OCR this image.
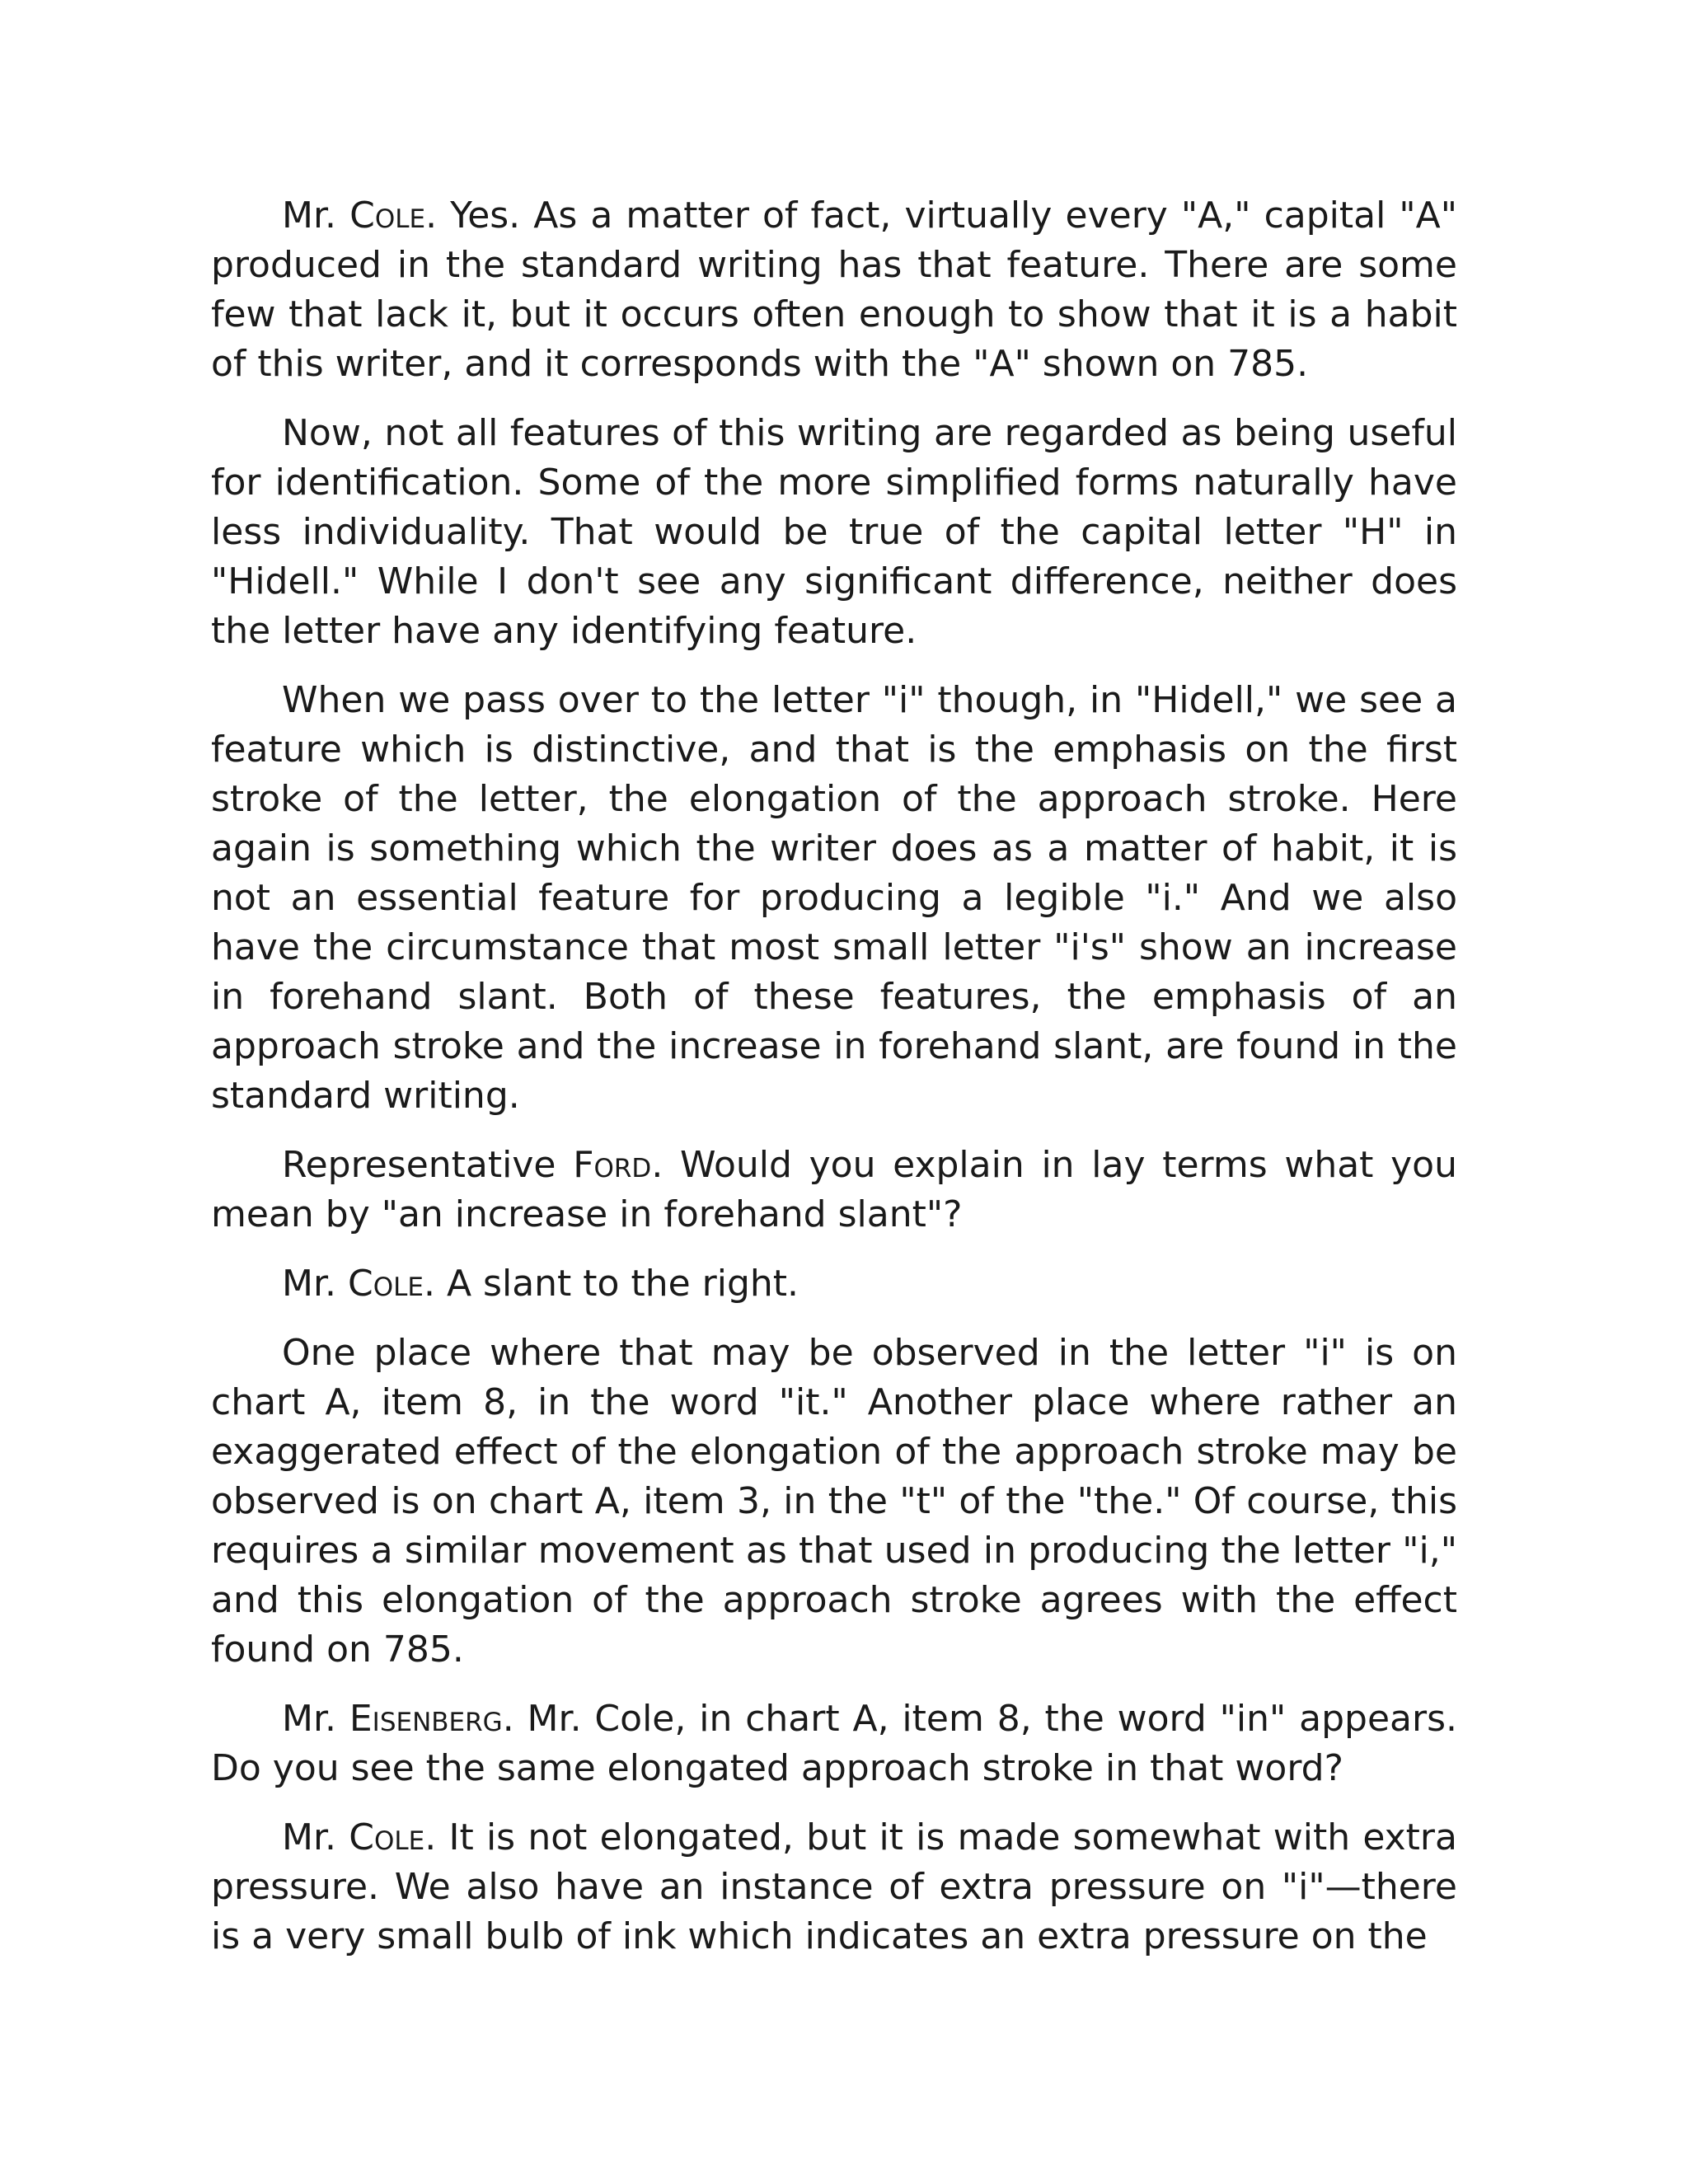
Mr. Cole. Yes. As a matter of fact, virtually every "A," capital "A" produced in the standard writing has that feature. There are some few that lack it, but it occurs often enough to show that it is a habit of this writer, and it corresponds with the "A" shown on 785.

Now, not all features of this writing are regarded as being useful for identification. Some of the more simplified forms naturally have less individuality. That would be true of the capital letter "H" in "Hidell." While I don't see any significant difference, neither does the letter have any identifying feature.

When we pass over to the letter "i" though, in "Hidell," we see a feature which is distinctive, and that is the emphasis on the first stroke of the letter, the elongation of the approach stroke. Here again is something which the writer does as a matter of habit, it is not an essential feature for producing a legible "i." And we also have the circumstance that most small letter "i's" show an increase in forehand slant. Both of these features, the emphasis of an approach stroke and the increase in forehand slant, are found in the standard writing.

Representative Ford. Would you explain in lay terms what you mean by "an increase in forehand slant"?

Mr. Cole. A slant to the right.

One place where that may be observed in the letter "i" is on chart A, item 8, in the word "it." Another place where rather an exaggerated effect of the elongation of the approach stroke may be observed is on chart A, item 3, in the "t" of the "the." Of course, this requires a similar movement as that used in producing the letter "i," and this elongation of the approach stroke agrees with the effect found on 785.

Mr. Eisenberg. Mr. Cole, in chart A, item 8, the word "in" appears. Do you see the same elongated approach stroke in that word?

Mr. Cole. It is not elongated, but it is made somewhat with extra pressure. We also have an instance of extra pressure on "i"—there is a very small bulb of ink which indicates an extra pressure on the
